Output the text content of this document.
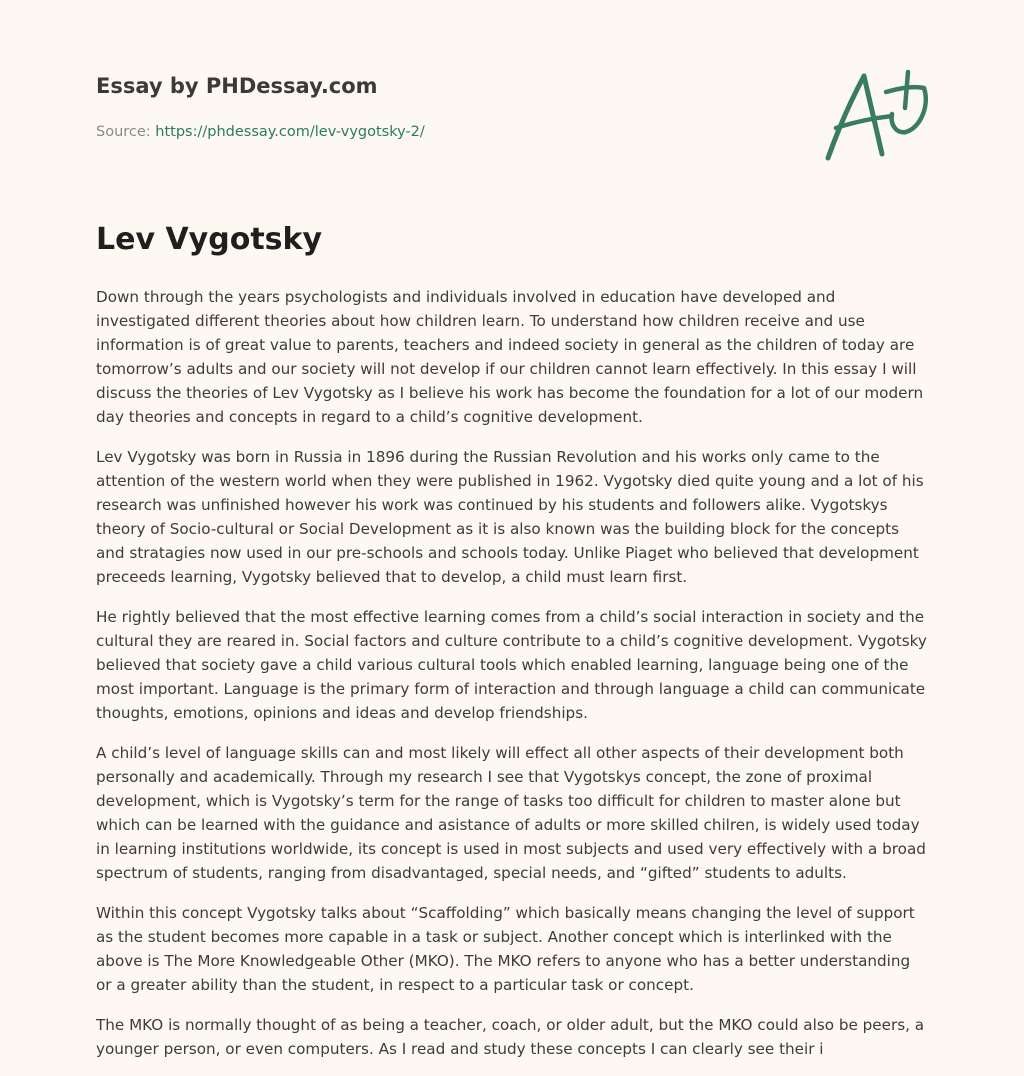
Essay by PHDessay.com
Source: https://phdessay.com/lev-vygotsky-2/
Lev Vygotsky

Down through the years psychologists and individuals involved in education have developed and investigated different theories about how children learn. To understand how children receive and use information is of great value to parents, teachers and indeed society in general as the children of today are tomorrow’s adults and our society will not develop if our children cannot learn effectively. In this essay I will discuss the theories of Lev Vygotsky as I believe his work has become the foundation for a lot of our modern day theories and concepts in regard to a child’s cognitive development.

Lev Vygotsky was born in Russia in 1896 during the Russian Revolution and his works only came to the attention of the western world when they were published in 1962. Vygotsky died quite young and a lot of his research was unfinished however his work was continued by his students and followers alike. Vygotskys theory of Socio-cultural or Social Development as it is also known was the building block for the concepts and stratagies now used in our pre-schools and schools today. Unlike Piaget who believed that development preceeds learning, Vygotsky believed that to develop, a child must learn first.

He rightly believed that the most effective learning comes from a child’s social interaction in society and the cultural they are reared in. Social factors and culture contribute to a child’s cognitive development. Vygotsky believed that society gave a child various cultural tools which enabled learning, language being one of the most important. Language is the primary form of interaction and through language a child can communicate thoughts, emotions, opinions and ideas and develop friendships.

A child’s level of language skills can and most likely will effect all other aspects of their development both personally and academically. Through my research I see that Vygotskys concept, the zone of proximal development, which is Vygotsky’s term for the range of tasks too difficult for children to master alone but which can be learned with the guidance and asistance of adults or more skilled chilren, is widely used today in learning institutions worldwide, its concept is used in most subjects and used very effectively with a broad spectrum of students, ranging from disadvantaged, special needs, and “gifted” students to adults.

Within this concept Vygotsky talks about “Scaffolding” which basically means changing the level of support as the student becomes more capable in a task or subject. Another concept which is interlinked with the above is The More Knowledgeable Other (MKO). The MKO refers to anyone who has a better understanding or a greater ability than the student, in respect to a particular task or concept.

The MKO is normally thought of as being a teacher, coach, or older adult, but the MKO could also be peers, a younger person, or even computers. As I read and study these concepts I can clearly see their i
